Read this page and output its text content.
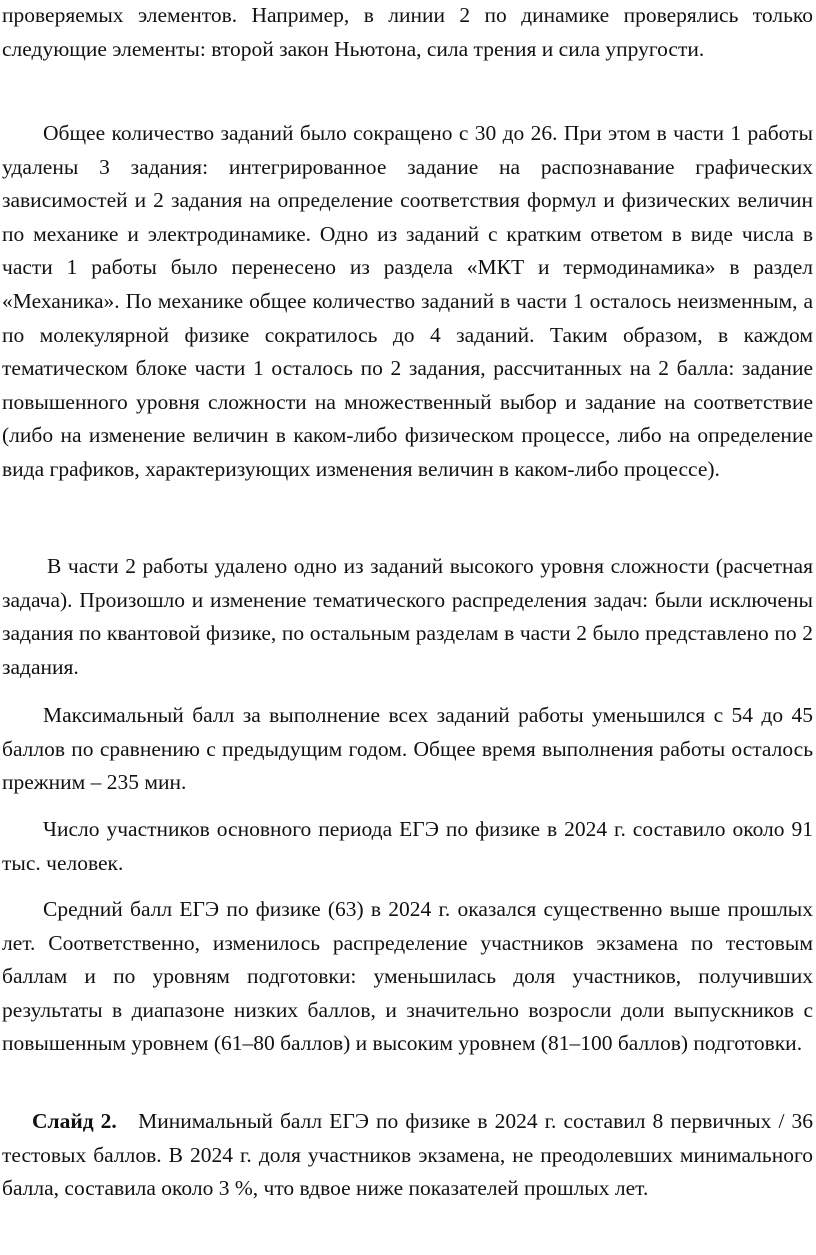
проверяемых элементов. Например, в линии 2 по динамике проверялись только следующие элементы: второй закон Ньютона, сила трения и сила упругости.

Общее количество заданий было сокращено с 30 до 26. При этом в части 1 работы удалены 3 задания: интегрированное задание на распознавание графических зависимостей и 2 задания на определение соответствия формул и физических величин по механике и электродинамике. Одно из заданий с кратким ответом в виде числа в части 1 работы было перенесено из раздела «МКТ и термодинамика» в раздел «Механика». По механике общее количество заданий в части 1 осталось неизменным, а по молекулярной физике сократилось до 4 заданий. Таким образом, в каждом тематическом блоке части 1 осталось по 2 задания, рассчитанных на 2 балла: задание повышенного уровня сложности на множественный выбор и задание на соответствие (либо на изменение величин в каком-либо физическом процессе, либо на определение вида графиков, характеризующих изменения величин в каком-либо процессе).

В части 2 работы удалено одно из заданий высокого уровня сложности (расчетная задача). Произошло и изменение тематического распределения задач: были исключены задания по квантовой физике, по остальным разделам в части 2 было представлено по 2 задания.

Максимальный балл за выполнение всех заданий работы уменьшился с 54 до 45 баллов по сравнению с предыдущим годом. Общее время выполнения работы осталось прежним – 235 мин.

Число участников основного периода ЕГЭ по физике в 2024 г. составило около 91 тыс. человек.

Средний балл ЕГЭ по физике (63) в 2024 г. оказался существенно выше прошлых лет. Соответственно, изменилось распределение участников экзамена по тестовым баллам и по уровням подготовки: уменьшилась доля участников, получивших результаты в диапазоне низких баллов, и значительно возросли доли выпускников с повышенным уровнем (61–80 баллов) и высоким уровнем (81–100 баллов) подготовки.

Слайд 2. Минимальный балл ЕГЭ по физике в 2024 г. составил 8 первичных / 36 тестовых баллов. В 2024 г. доля участников экзамена, не преодолевших минимального балла, составила около 3 %, что вдвое ниже показателей прошлых лет.
